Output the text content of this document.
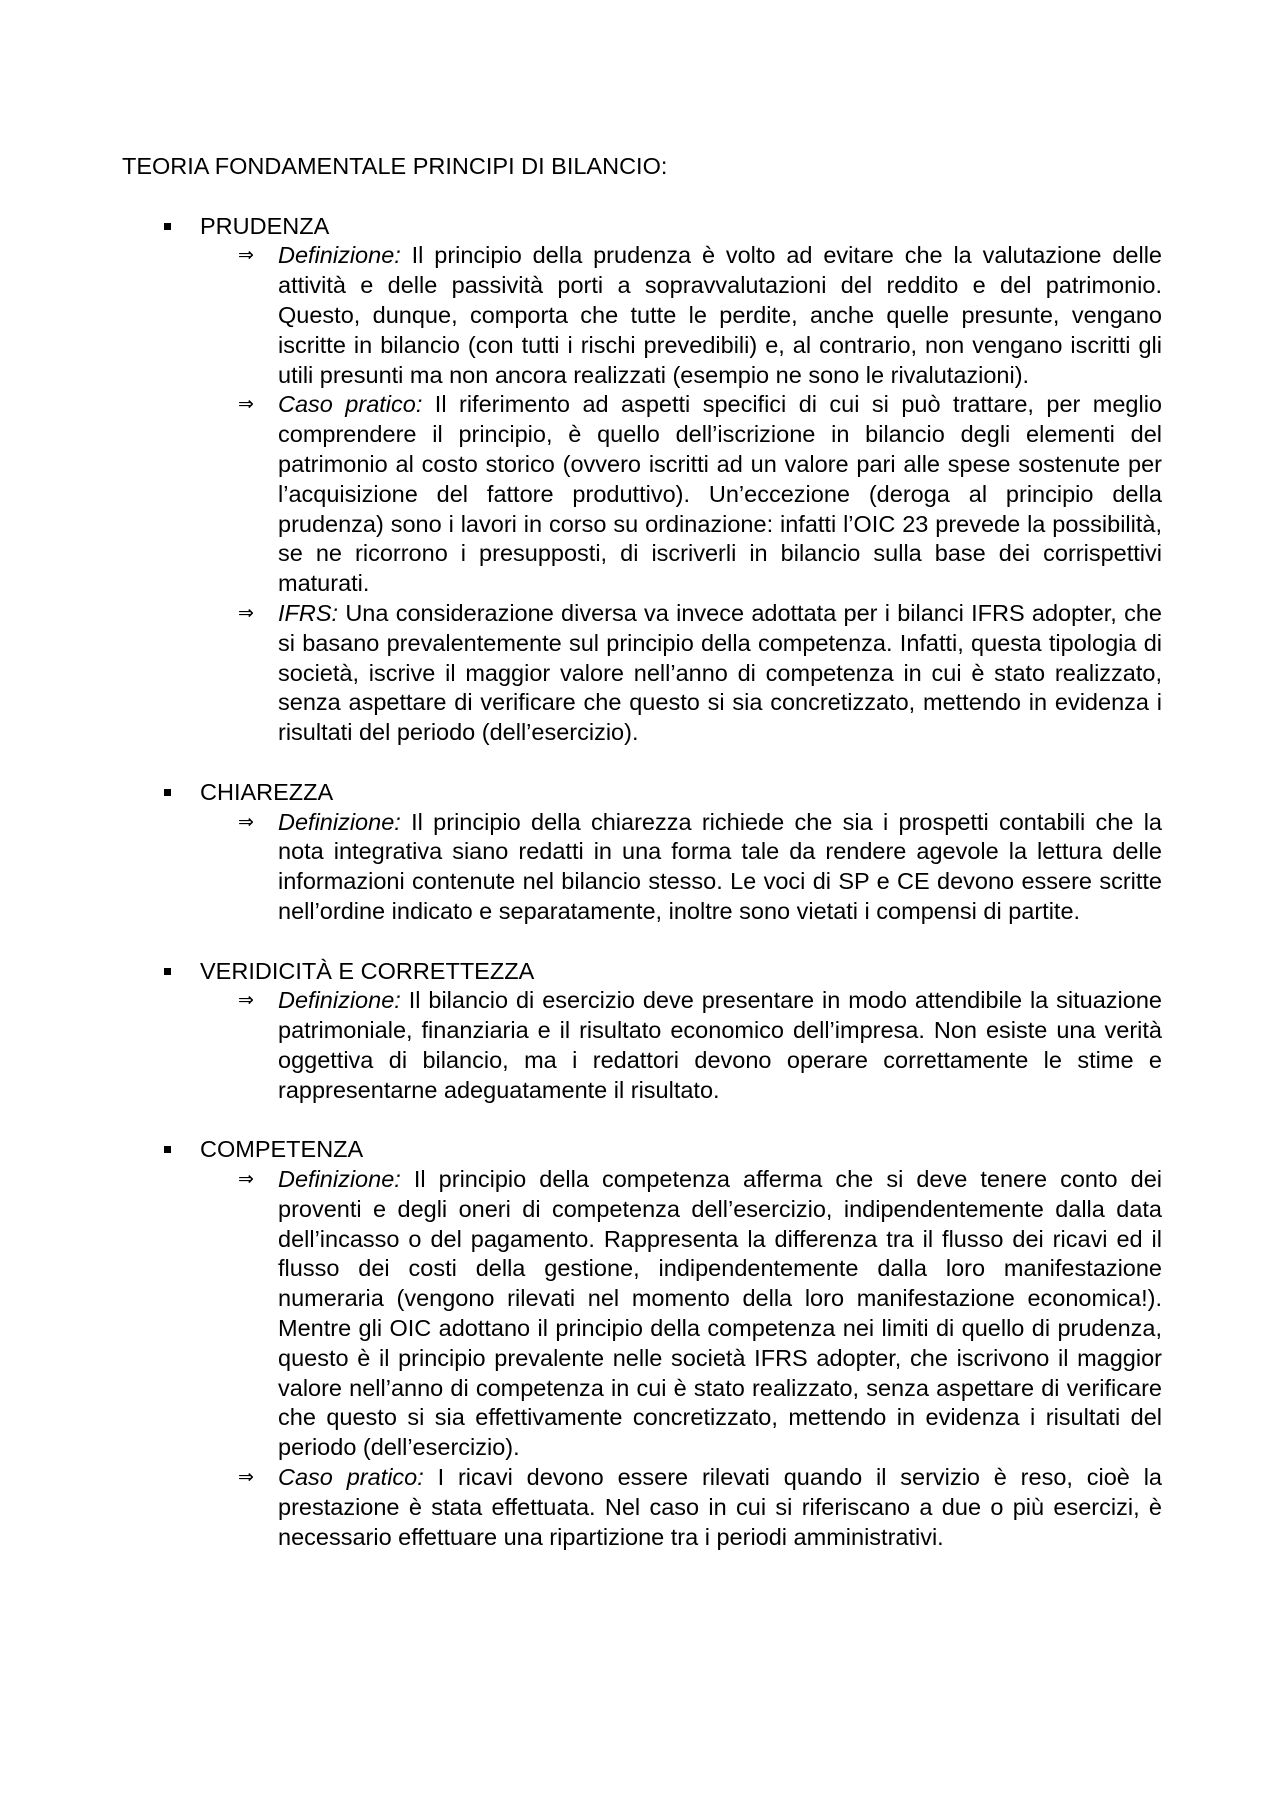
TEORIA FONDAMENTALE PRINCIPI DI BILANCIO:
PRUDENZA
⇒ Definizione: Il principio della prudenza è volto ad evitare che la valutazione delle attività e delle passività porti a sopravvalutazioni del reddito e del patrimonio. Questo, dunque, comporta che tutte le perdite, anche quelle presunte, vengano iscritte in bilancio (con tutti i rischi prevedibili) e, al contrario, non vengano iscritti gli utili presunti ma non ancora realizzati (esempio ne sono le rivalutazioni).
⇒ Caso pratico: Il riferimento ad aspetti specifici di cui si può trattare, per meglio comprendere il principio, è quello dell’iscrizione in bilancio degli elementi del patrimonio al costo storico (ovvero iscritti ad un valore pari alle spese sostenute per l’acquisizione del fattore produttivo). Un’eccezione (deroga al principio della prudenza) sono i lavori in corso su ordinazione: infatti l’OIC 23 prevede la possibilità, se ne ricorrono i presupposti, di iscriverli in bilancio sulla base dei corrispettivi maturati.
⇒ IFRS: Una considerazione diversa va invece adottata per i bilanci IFRS adopter, che si basano prevalentemente sul principio della competenza. Infatti, questa tipologia di società, iscrive il maggior valore nell’anno di competenza in cui è stato realizzato, senza aspettare di verificare che questo si sia concretizzato, mettendo in evidenza i risultati del periodo (dell’esercizio).
CHIAREZZA
⇒ Definizione: Il principio della chiarezza richiede che sia i prospetti contabili che la nota integrativa siano redatti in una forma tale da rendere agevole la lettura delle informazioni contenute nel bilancio stesso. Le voci di SP e CE devono essere scritte nell’ordine indicato e separatamente, inoltre sono vietati i compensi di partite.
VERIDICITÀ E CORRETTEZZA
⇒ Definizione: Il bilancio di esercizio deve presentare in modo attendibile la situazione patrimoniale, finanziaria e il risultato economico dell’impresa. Non esiste una verità oggettiva di bilancio, ma i redattori devono operare correttamente le stime e rappresentarne adeguatamente il risultato.
COMPETENZA
⇒ Definizione: Il principio della competenza afferma che si deve tenere conto dei proventi e degli oneri di competenza dell’esercizio, indipendentemente dalla data dell’incasso o del pagamento. Rappresenta la differenza tra il flusso dei ricavi ed il flusso dei costi della gestione, indipendentemente dalla loro manifestazione numeraria (vengono rilevati nel momento della loro manifestazione economica!). Mentre gli OIC adottano il principio della competenza nei limiti di quello di prudenza, questo è il principio prevalente nelle società IFRS adopter, che iscrivono il maggior valore nell’anno di competenza in cui è stato realizzato, senza aspettare di verificare che questo si sia effettivamente concretizzato, mettendo in evidenza i risultati del periodo (dell’esercizio).
⇒ Caso pratico: I ricavi devono essere rilevati quando il servizio è reso, cioè la prestazione è stata effettuata. Nel caso in cui si riferiscano a due o più esercizi, è necessario effettuare una ripartizione tra i periodi amministrativi.
